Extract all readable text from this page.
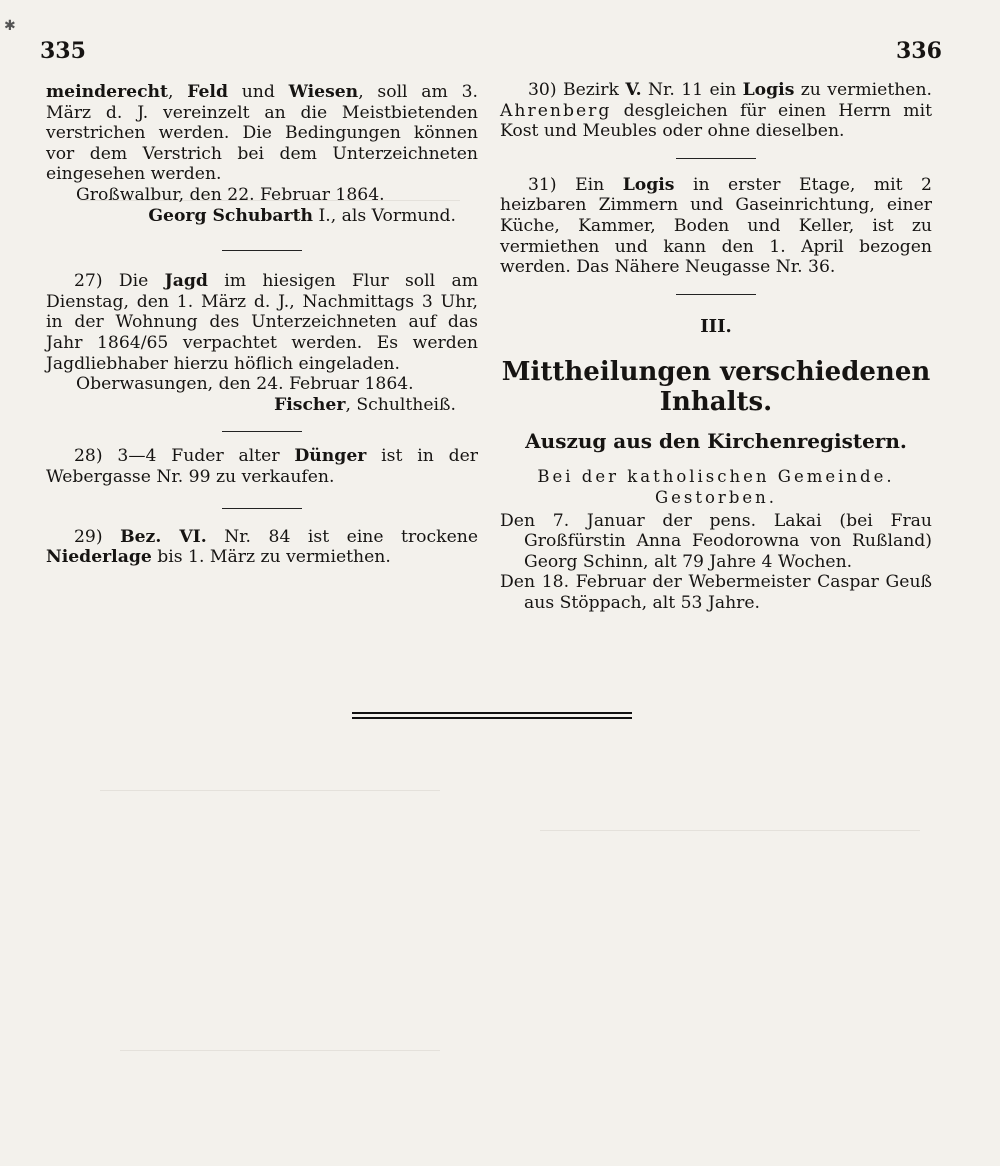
✱
335	336

meinderecht, Feld und Wiesen, soll am 3. März d. J. vereinzelt an die Meistbietenden verstrichen werden. Die Bedingungen können vor dem Verstrich bei dem Unterzeichneten eingesehen werden.

Großwalbur, den 22. Februar 1864.

Georg Schubarth I., als Vormund.

27) Die Jagd im hiesigen Flur soll am Dienstag, den 1. März d. J., Nachmittags 3 Uhr, in der Wohnung des Unterzeichneten auf das Jahr 1864/65 verpachtet werden. Es werden Jagdliebhaber hierzu höflich eingeladen.

Oberwasungen, den 24. Februar 1864.

Fischer, Schultheiß.

28) 3—4 Fuder alter Dünger ist in der Webergasse Nr. 99 zu verkaufen.

29) Bez. VI. Nr. 84 ist eine trockene Niederlage bis 1. März zu vermiethen.

30) Bezirk V. Nr. 11 ein Logis zu vermiethen. Ahrenberg desgleichen für einen Herrn mit Kost und Meubles oder ohne dieselben.

31) Ein Logis in erster Etage, mit 2 heizbaren Zimmern und Gaseinrichtung, einer Küche, Kammer, Boden und Keller, ist zu vermiethen und kann den 1. April bezogen werden. Das Nähere Neugasse Nr. 36.

III.

Mittheilungen verschiedenen Inhalts.

Auszug aus den Kirchenregistern.

Bei der katholischen Gemeinde.

Gestorben.

Den 7. Januar der pens. Lakai (bei Frau Großfürstin Anna Feodorowna von Rußland) Georg Schinn, alt 79 Jahre 4 Wochen.

Den 18. Februar der Webermeister Caspar Geuß aus Stöppach, alt 53 Jahre.
